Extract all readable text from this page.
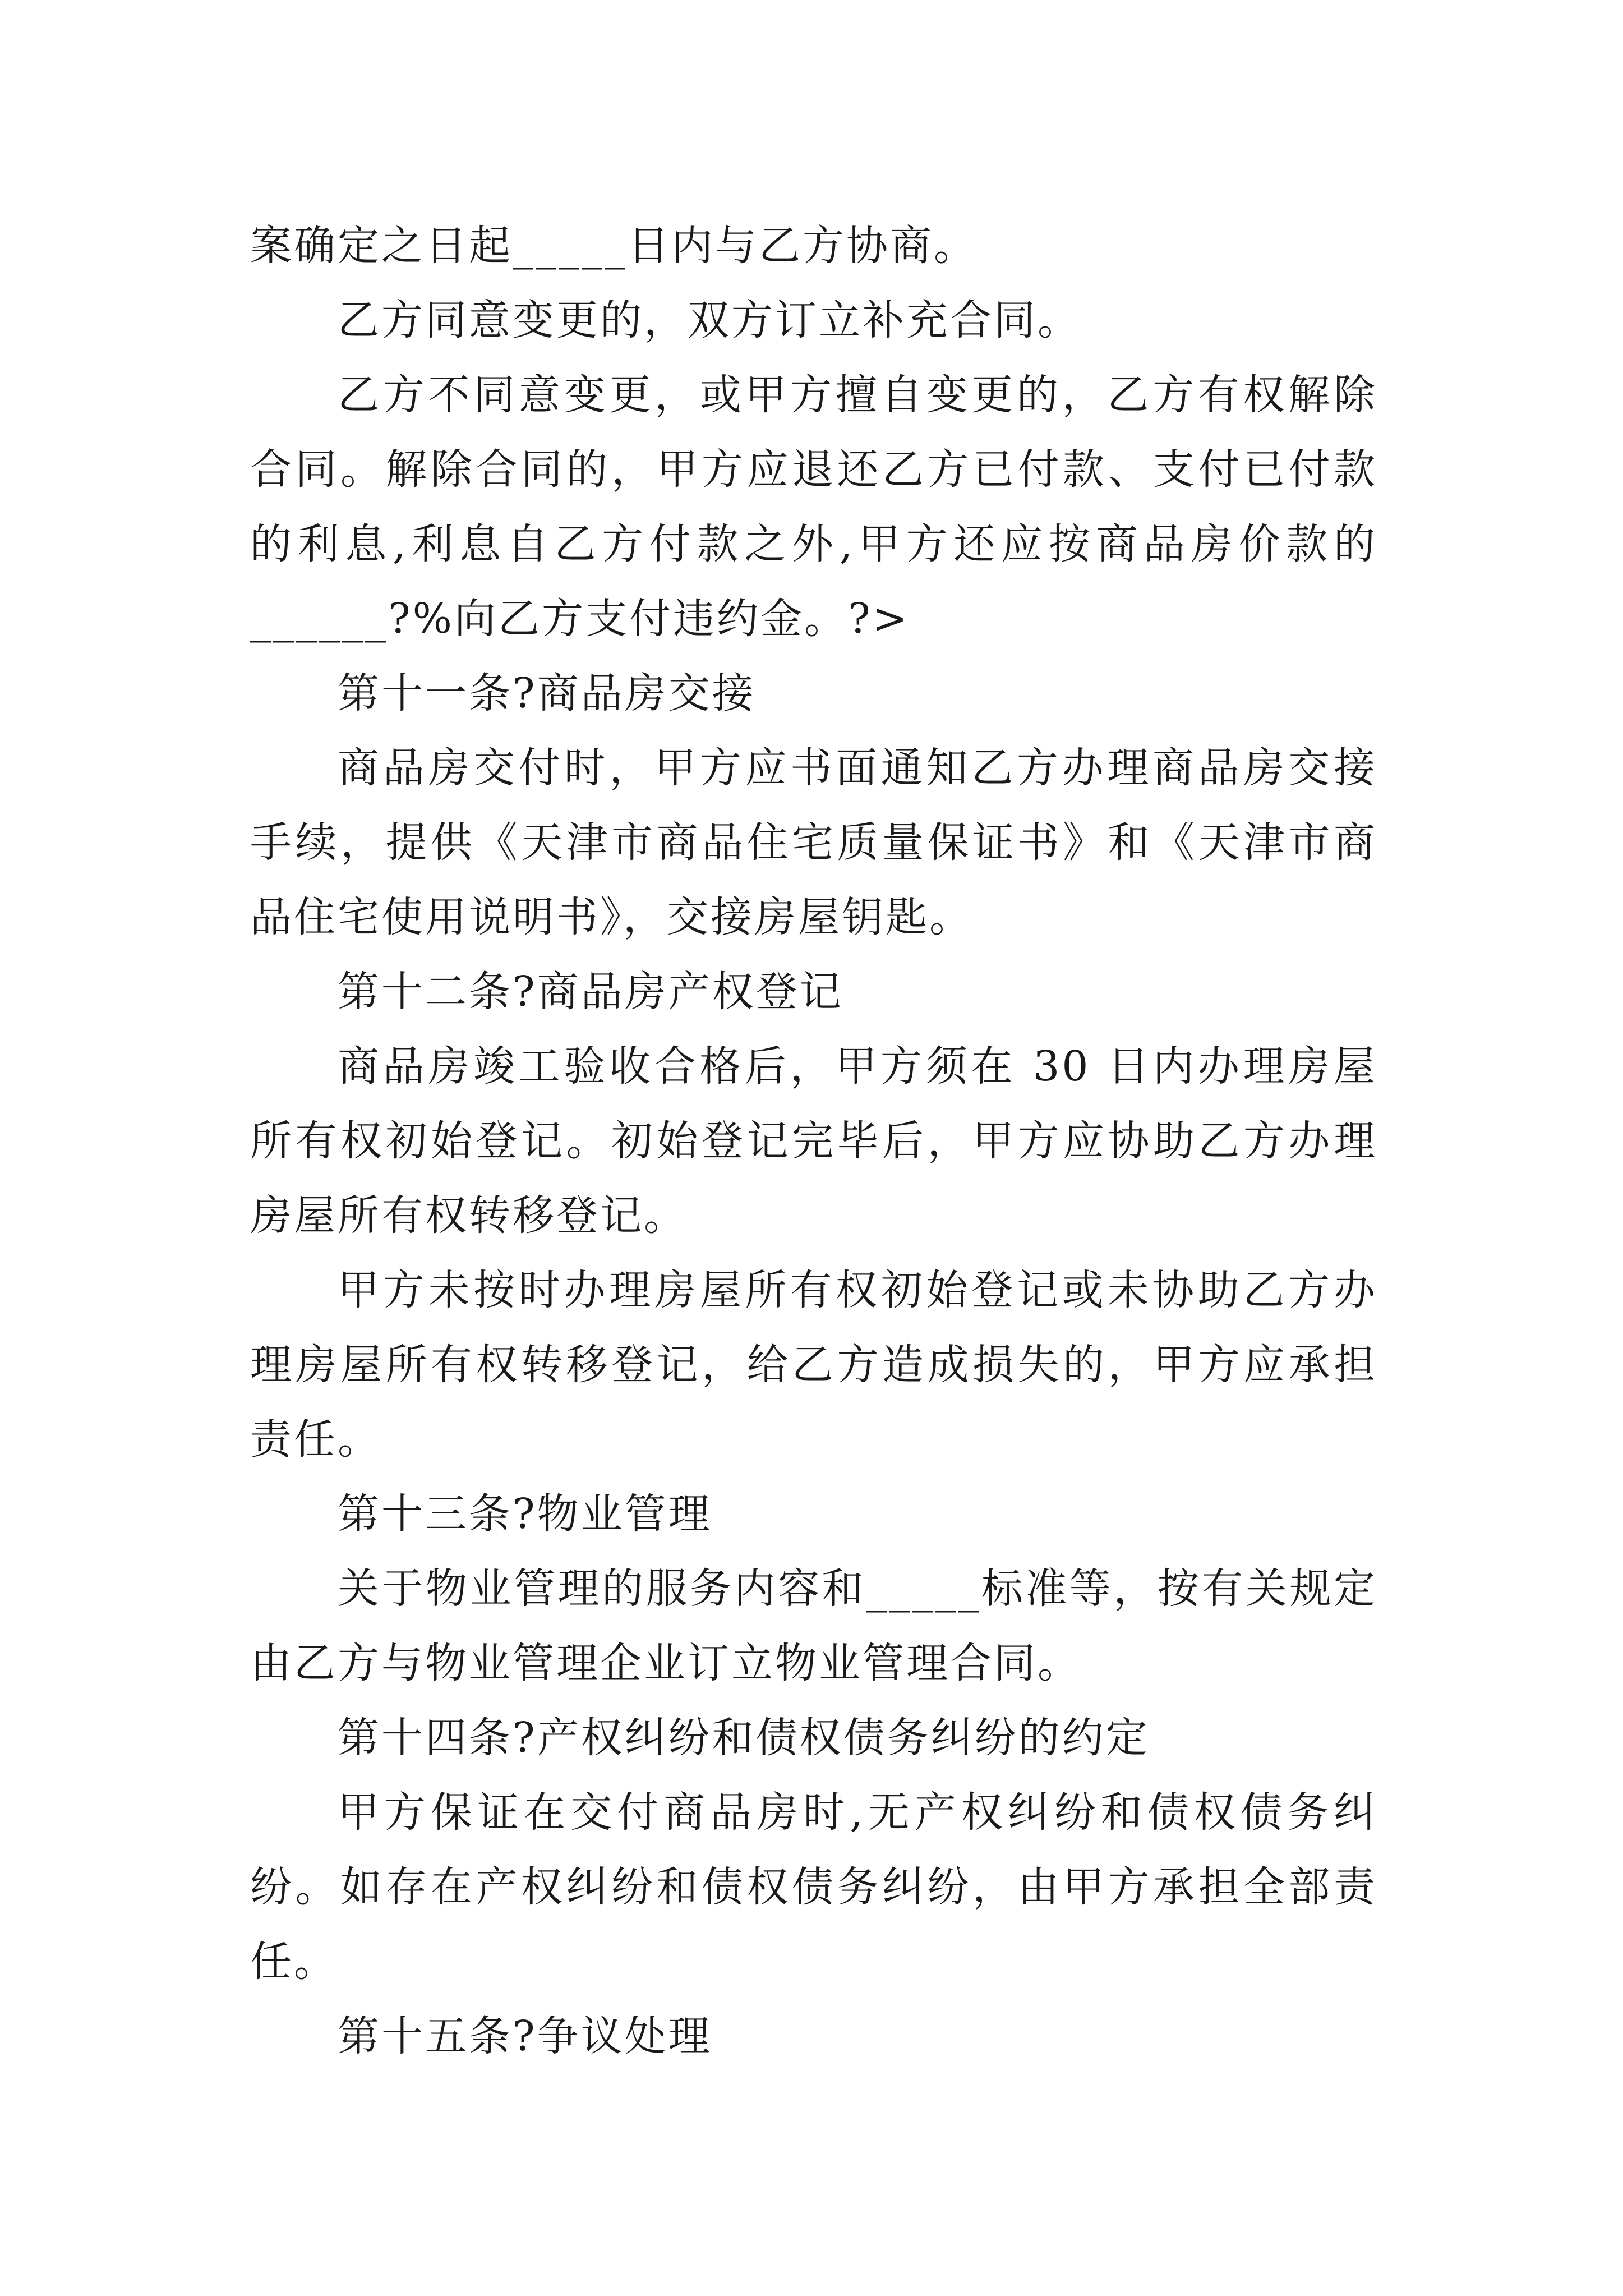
案确定之日起_____日内与乙方协商。

乙方同意变更的，双方订立补充合同。

乙方不同意变更，或甲方擅自变更的，乙方有权解除合同。解除合同的，甲方应退还乙方已付款、支付已付款的利息,利息自乙方付款之外,甲方还应按商品房价款的______?%向乙方支付违约金。?>

第十一条?商品房交接

商品房交付时，甲方应书面通知乙方办理商品房交接手续，提供《天津市商品住宅质量保证书》和《天津市商品住宅使用说明书》，交接房屋钥匙。

第十二条?商品房产权登记

商品房竣工验收合格后，甲方须在 30 日内办理房屋所有权初始登记。初始登记完毕后，甲方应协助乙方办理房屋所有权转移登记。

甲方未按时办理房屋所有权初始登记或未协助乙方办理房屋所有权转移登记，给乙方造成损失的，甲方应承担责任。

第十三条?物业管理

关于物业管理的服务内容和_____标准等，按有关规定由乙方与物业管理企业订立物业管理合同。

第十四条?产权纠纷和债权债务纠纷的约定

甲方保证在交付商品房时,无产权纠纷和债权债务纠纷。如存在产权纠纷和债权债务纠纷，由甲方承担全部责任。

第十五条?争议处理
